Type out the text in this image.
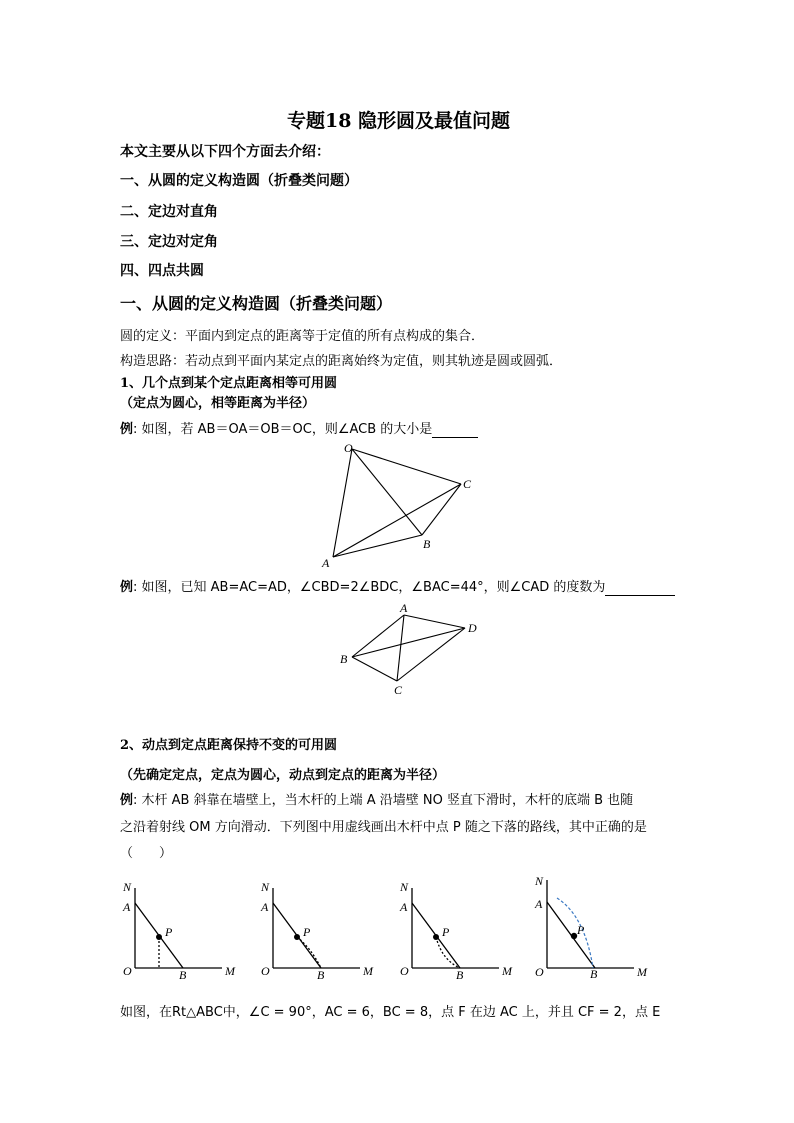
专题18 隐形圆及最值问题
本文主要从以下四个方面去介绍：
一、从圆的定义构造圆（折叠类问题）
二、定边对直角
三、定边对定角
四、四点共圆
一、从圆的定义构造圆（折叠类问题）
圆的定义：平面内到定点的距离等于定值的所有点构成的集合．
构造思路：若动点到平面内某定点的距离始终为定值，则其轨迹是圆或圆弧．
1、几个点到某个定点距离相等可用圆
（定点为圆心，相等距离为半径）
例: 如图，若 AB＝OA＝OB＝OC，则∠ACB 的大小是
O
C
B
A
例: 如图，已知 AB=AC=AD，∠CBD=2∠BDC，∠BAC=44°，则∠CAD 的度数为
A
D
B
C
2、动点到定点距离保持不变的可用圆
（先确定定点，定点为圆心，动点到定点的距离为半径）
例: 木杆 AB 斜靠在墙壁上，当木杆的上端 A 沿墙壁 NO 竖直下滑时，木杆的底端 B 也随
之沿着射线 OM 方向滑动．下列图中用虚线画出木杆中点 P 随之下落的路线，其中正确的是
（　　）
N
A
P
O	B	M
N
A
P
O	B	M
N
A
P
O	B	M
N
A
P
O	B	M
如图，在Rt△ABC中，∠C = 90°，AC = 6，BC = 8，点 F 在边 AC 上，并且 CF = 2，点 E
